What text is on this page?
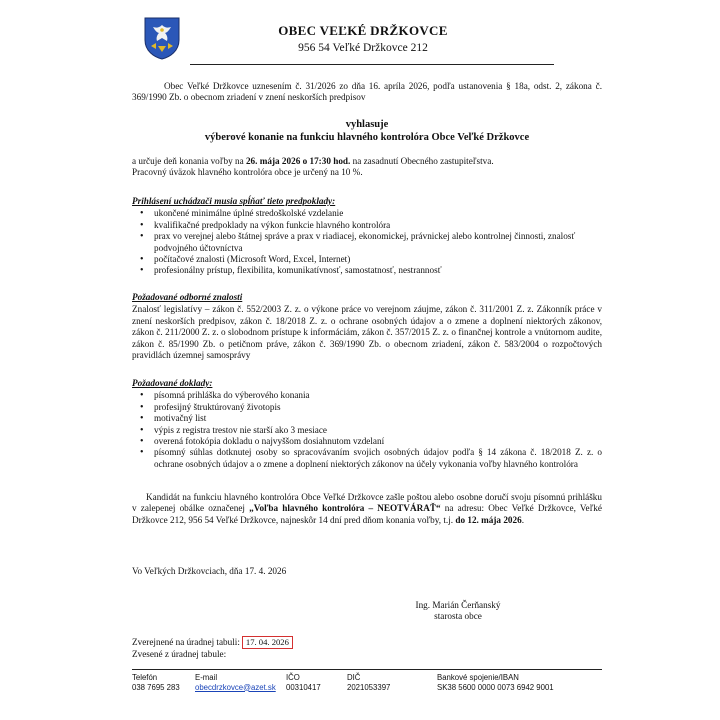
OBEC VEĽKÉ DRŽKOVCE
956 54 Veľké Držkovce 212
Obec Veľké Držkovce uznesením č. 31/2026 zo dňa 16. apríla 2026, podľa ustanovenia § 18a, odst. 2, zákona č. 369/1990 Zb. o obecnom zriadení v znení neskorších predpisov
vyhlasuje
výberové konanie na funkciu hlavného kontrolóra Obce Veľké Držkovce
a určuje deň konania voľby na 26. mája 2026 o 17:30 hod. na zasadnutí Obecného zastupiteľstva.
Pracovný úväzok hlavného kontrolóra obce je určený na 10 %.
Prihlásení uchádzači musia spĺňať tieto predpoklady:
• ukončené minimálne úplné stredoškolské vzdelanie
• kvalifikačné predpoklady na výkon funkcie hlavného kontrolóra
• prax vo verejnej alebo štátnej správe a prax v riadiacej, ekonomickej, právnickej alebo kontrolnej činnosti, znalosť podvojného účtovníctva
• počítačové znalosti (Microsoft Word, Excel, Internet)
• profesionálny prístup, flexibilita, komunikatívnosť, samostatnosť, nestrannosť
Požadované odborné znalosti
Znalosť legislatívy – zákon č. 552/2003 Z. z. o výkone práce vo verejnom záujme, zákon č. 311/2001 Z. z. Zákonník práce v znení neskorších predpisov, zákon č. 18/2018 Z. z. o ochrane osobných údajov a o zmene a doplnení niektorých zákonov, zákon č. 211/2000 Z. z. o slobodnom prístupe k informáciám, zákon č. 357/2015 Z. z. o finančnej kontrole a vnútornom audite, zákon č. 85/1990 Zb. o petičnom práve, zákon č. 369/1990 Zb. o obecnom zriadení, zákon č. 583/2004 o rozpočtových pravidlách územnej samosprávy
Požadované doklady:
• písomná prihláška do výberového konania
• profesijný štruktúrovaný životopis
• motivačný list
• výpis z registra trestov nie starší ako 3 mesiace
• overená fotokópia dokladu o najvyššom dosiahnutom vzdelaní
• písomný súhlas dotknutej osoby so spracovávaním svojich osobných údajov podľa § 14 zákona č. 18/2018 Z. z. o ochrane osobných údajov a o zmene a doplnení niektorých zákonov na účely vykonania voľby hlavného kontrolóra
Kandidát na funkciu hlavného kontrolóra Obce Veľké Držkovce zašle poštou alebo osobne doručí svoju písomnú prihlášku v zalepenej obálke označenej „Voľba hlavného kontrolóra – NEOTVÁRAŤ“ na adresu: Obec Veľké Držkovce, Veľké Držkovce 212, 956 54 Veľké Držkovce, najneskôr 14 dní pred dňom konania voľby, t.j. do 12. mája 2026.
Vo Veľkých Držkovciach, dňa 17. 4. 2026
Ing. Marián Čerňanský
starosta obce
Zverejnené na úradnej tabuli: 17. 04. 2026
Zvesené z úradnej tabule:
Telefón
038 7695 283
E-mail
obecdrzkovce@azet.sk
IČO
00310417
DIČ
2021053397
Bankové spojenie/IBAN
SK38 5600 0000 0073 6942 9001
